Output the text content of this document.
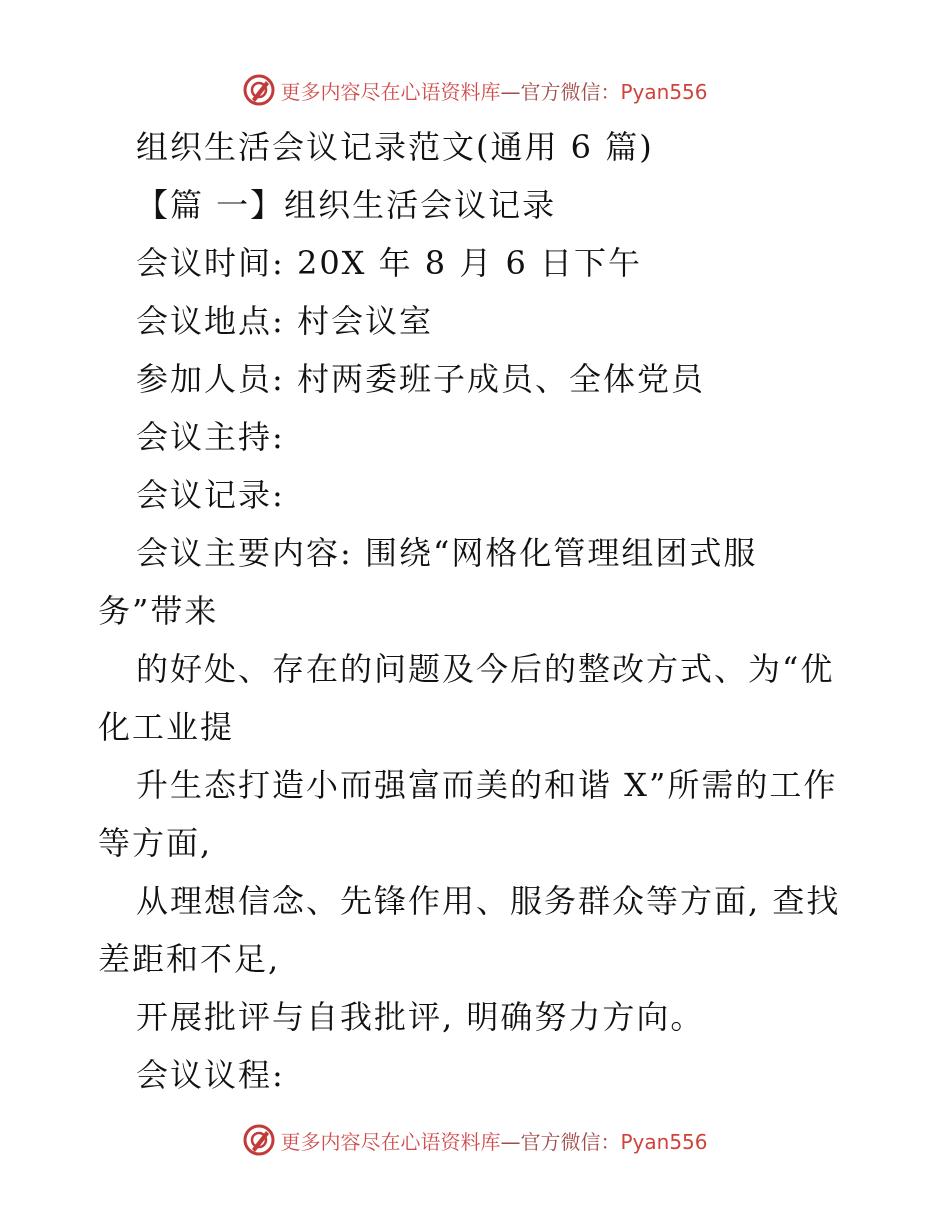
更多内容尽在心语资料库—官方微信：Pyan556
组织生活会议记录范文(通用 6 篇)
【篇 一】组织生活会议记录
会议时间: 20X 年 8 月 6 日下午
会议地点: 村会议室
参加人员: 村两委班子成员、全体党员
会议主持:
会议记录:
会议主要内容: 围绕“网格化管理组团式服
务”带来
的好处、存在的问题及今后的整改方式、为“优
化工业提
升生态打造小而强富而美的和谐 X”所需的工作
等方面,
从理想信念、先锋作用、服务群众等方面, 查找
差距和不足,
开展批评与自我批评, 明确努力方向。
会议议程:
更多内容尽在心语资料库—官方微信：Pyan556
